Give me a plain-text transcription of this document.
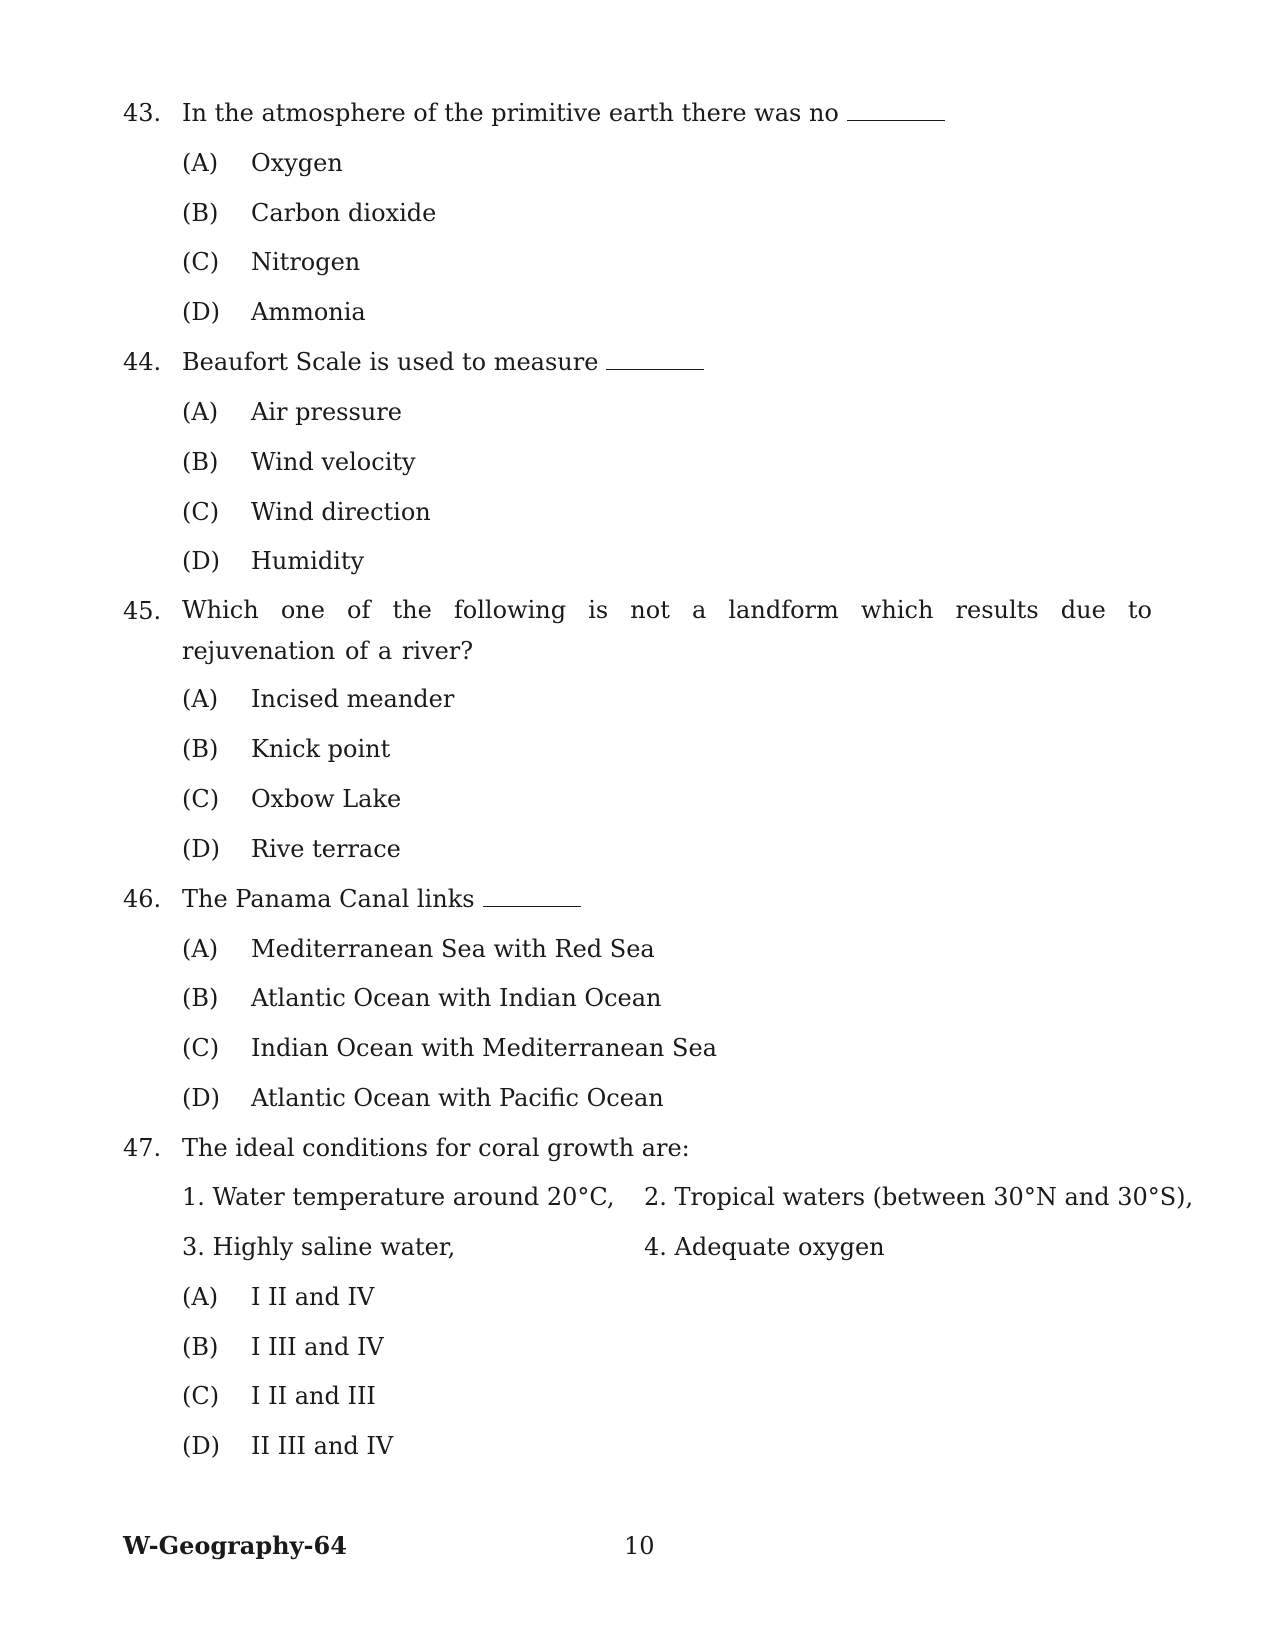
43. In the atmosphere of the primitive earth there was no
(A) Oxygen
(B) Carbon dioxide
(C) Nitrogen
(D) Ammonia
44. Beaufort Scale is used to measure
(A) Air pressure
(B) Wind velocity
(C) Wind direction
(D) Humidity
45. Which one of the following is not a landform which results due to rejuvenation of a river?
(A) Incised meander
(B) Knick point
(C) Oxbow Lake
(D) Rive terrace
46. The Panama Canal links
(A) Mediterranean Sea with Red Sea
(B) Atlantic Ocean with Indian Ocean
(C) Indian Ocean with Mediterranean Sea
(D) Atlantic Ocean with Pacific Ocean
47. The ideal conditions for coral growth are:
1. Water temperature around 20°C, 2. Tropical waters (between 30°N and 30°S),
3. Highly saline water,	4. Adequate oxygen
(A) I II and IV
(B) I III and IV
(C) I II and III
(D) II III and IV
W-Geography-64	10
